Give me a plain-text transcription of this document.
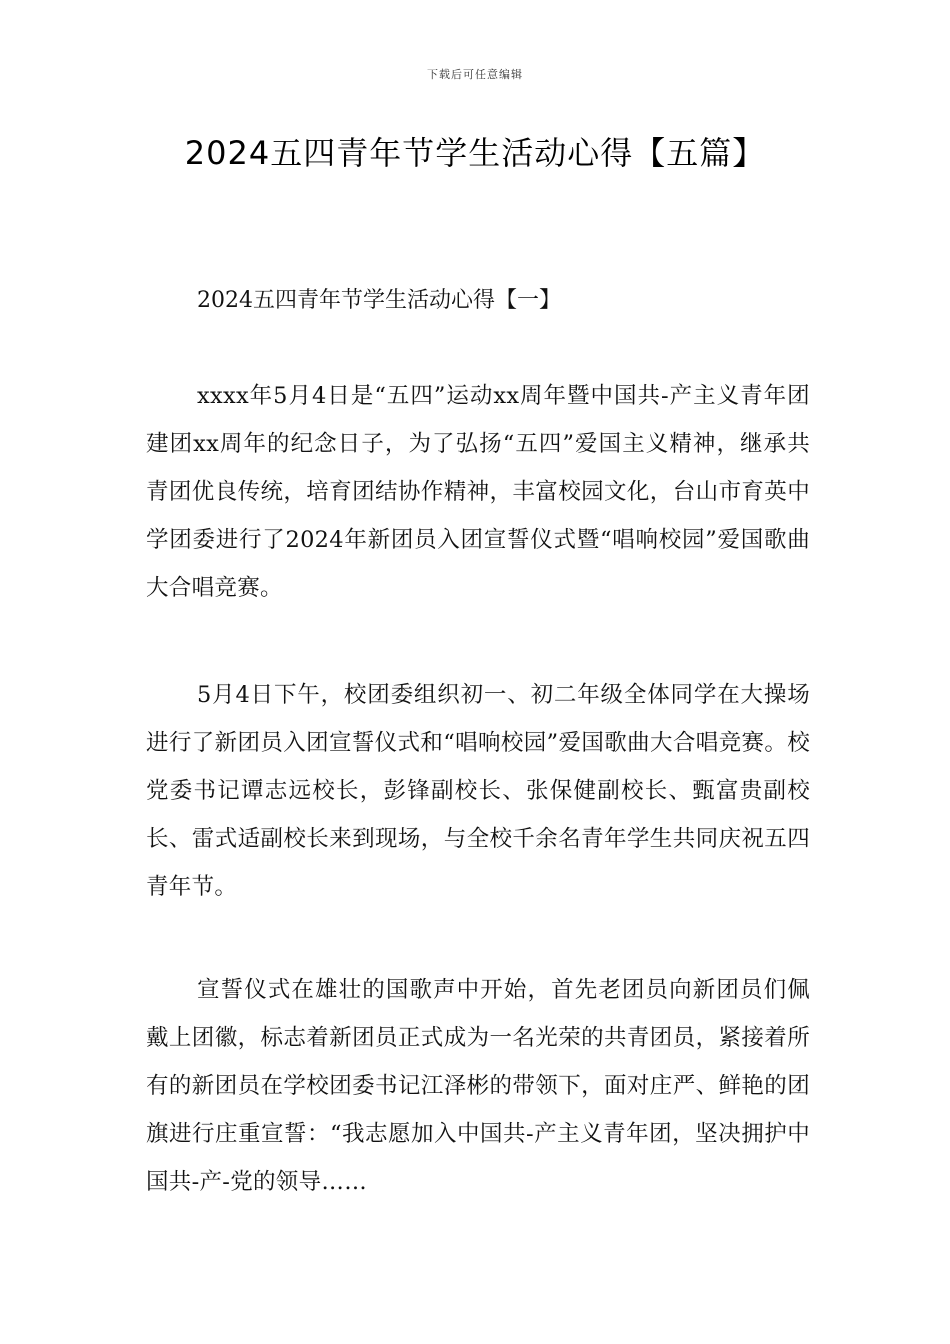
下载后可任意编辑
2024五四青年节学生活动心得【五篇】
2024五四青年节学生活动心得【一】

xxxx年5月4日是“五四”运动xx周年暨中国共-产主义青年团建团xx周年的纪念日子，为了弘扬“五四”爱国主义精神，继承共青团优良传统，培育团结协作精神，丰富校园文化，台山市育英中学团委进行了2024年新团员入团宣誓仪式暨“唱响校园”爱国歌曲大合唱竞赛。

5月4日下午，校团委组织初一、初二年级全体同学在大操场进行了新团员入团宣誓仪式和“唱响校园”爱国歌曲大合唱竞赛。校党委书记谭志远校长，彭锋副校长、张保健副校长、甄富贵副校长、雷式适副校长来到现场，与全校千余名青年学生共同庆祝五四青年节。

宣誓仪式在雄壮的国歌声中开始，首先老团员向新团员们佩戴上团徽，标志着新团员正式成为一名光荣的共青团员，紧接着所有的新团员在学校团委书记江泽彬的带领下，面对庄严、鲜艳的团旗进行庄重宣誓：“我志愿加入中国共-产主义青年团，坚决拥护中国共-产-党的领导……
